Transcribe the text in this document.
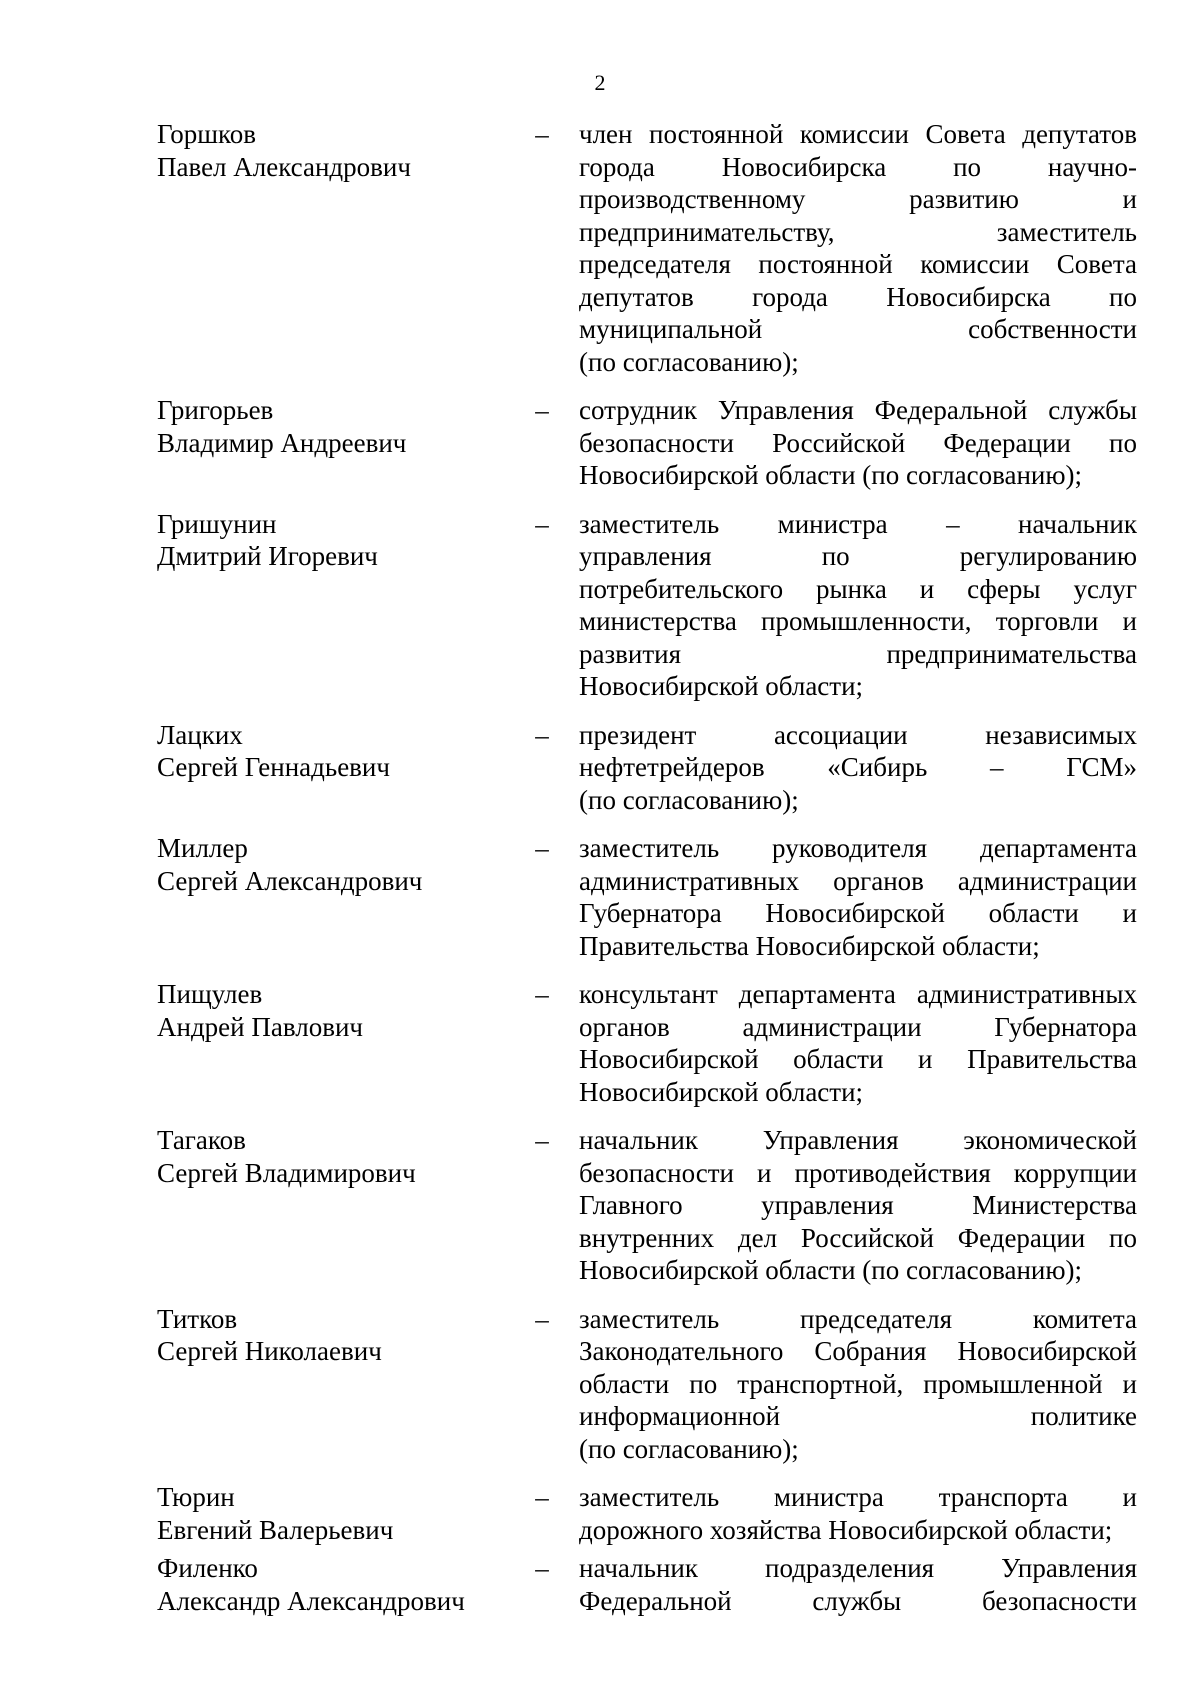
2
Горшков
Павел Александрович
– член постоянной комиссии Совета депутатов
города Новосибирска по научно-
производственному развитию и
предпринимательству, заместитель
председателя постоянной комиссии Совета
депутатов города Новосибирска по
муниципальной собственности
(по согласованию);
Григорьев
Владимир Андреевич
– сотрудник Управления Федеральной службы
безопасности Российской Федерации по
Новосибирской области (по согласованию);
Гришунин
Дмитрий Игоревич
– заместитель министра – начальник
управления по регулированию
потребительского рынка и сферы услуг
министерства промышленности, торговли и
развития предпринимательства
Новосибирской области;
Лацких
Сергей Геннадьевич
– президент ассоциации независимых
нефтетрейдеров «Сибирь – ГСМ»
(по согласованию);
Миллер
Сергей Александрович
– заместитель руководителя департамента
административных органов администрации
Губернатора Новосибирской области и
Правительства Новосибирской области;
Пищулев
Андрей Павлович
– консультант департамента административных
органов администрации Губернатора
Новосибирской области и Правительства
Новосибирской области;
Тагаков
Сергей Владимирович
– начальник Управления экономической
безопасности и противодействия коррупции
Главного управления Министерства
внутренних дел Российской Федерации по
Новосибирской области (по согласованию);
Титков
Сергей Николаевич
– заместитель председателя комитета
Законодательного Собрания Новосибирской
области по транспортной, промышленной и
информационной политике
(по согласованию);
Тюрин
Евгений Валерьевич
– заместитель министра транспорта и
дорожного хозяйства Новосибирской области;
Филенко
Александр Александрович
– начальник подразделения Управления
Федеральной службы безопасности
